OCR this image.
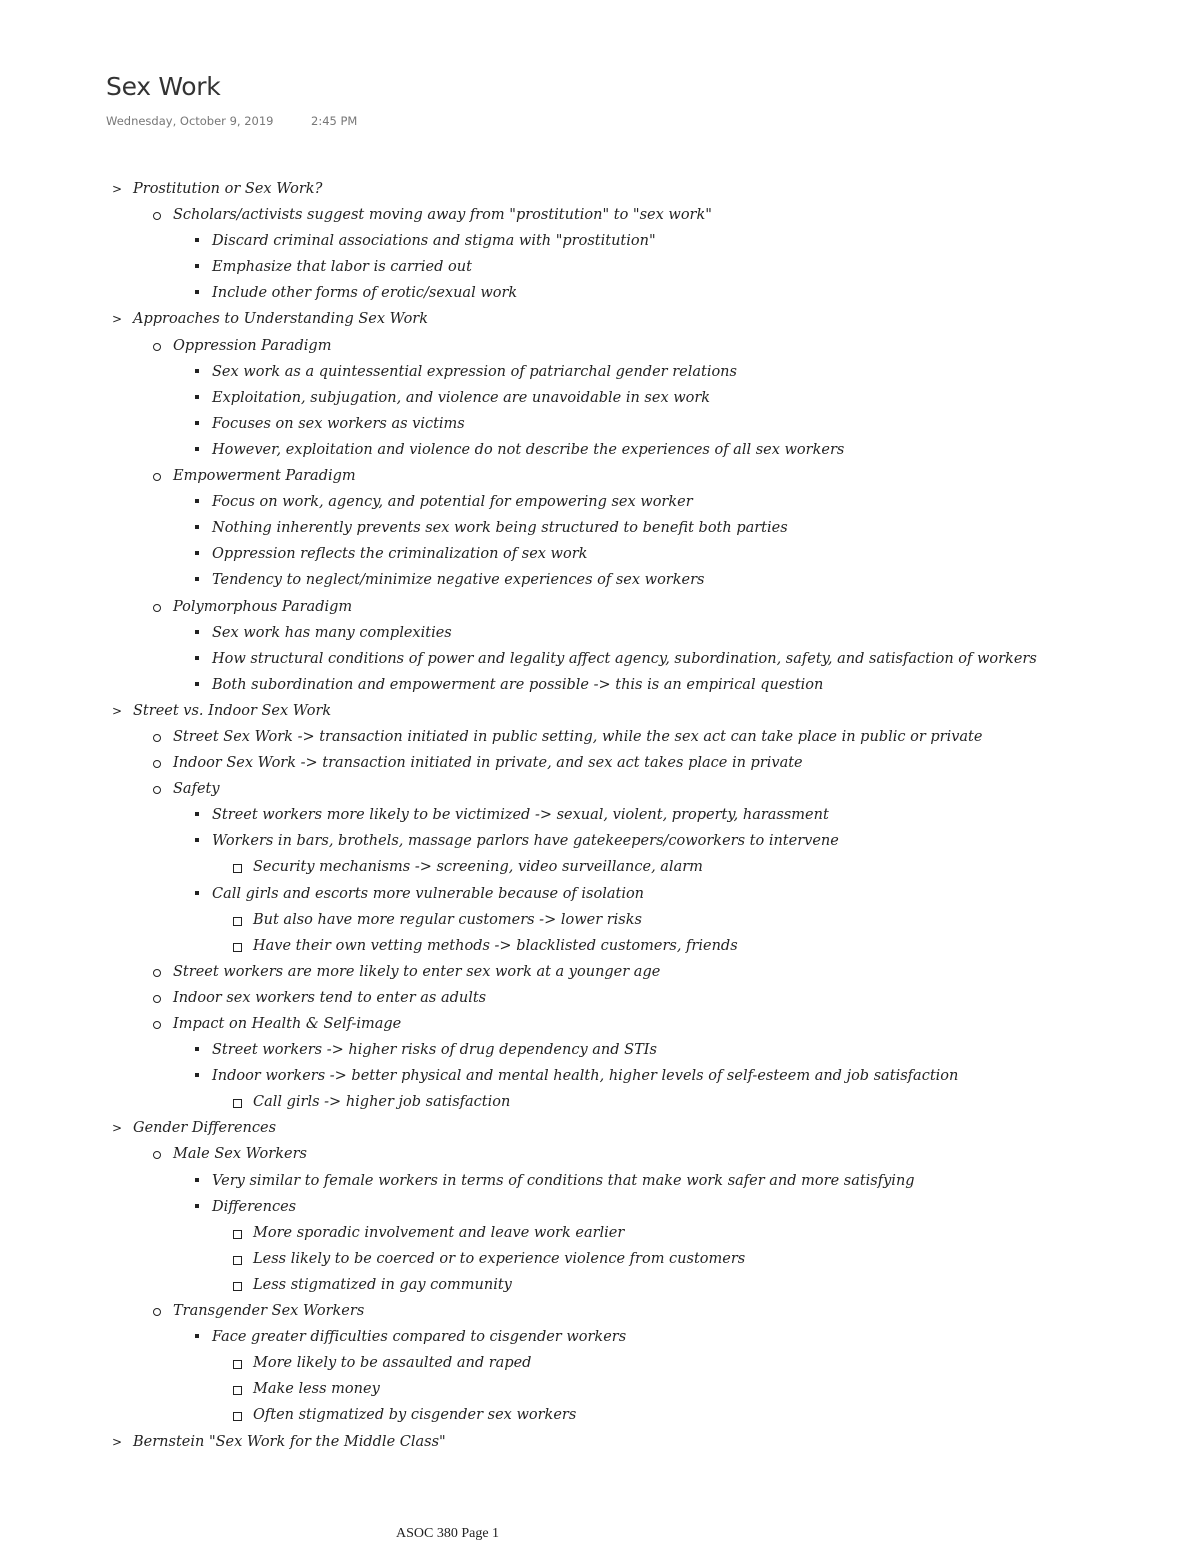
Sex Work
Wednesday, October 9, 2019	2:45 PM
> Prostitution or Sex Work?
Scholars/activists suggest moving away from "prostitution" to "sex work"
Discard criminal associations and stigma with "prostitution"
Emphasize that labor is carried out
Include other forms of erotic/sexual work
> Approaches to Understanding Sex Work
Oppression Paradigm
Sex work as a quintessential expression of patriarchal gender relations
Exploitation, subjugation, and violence are unavoidable in sex work
Focuses on sex workers as victims
However, exploitation and violence do not describe the experiences of all sex workers
Empowerment Paradigm
Focus on work, agency, and potential for empowering sex worker
Nothing inherently prevents sex work being structured to benefit both parties
Oppression reflects the criminalization of sex work
Tendency to neglect/minimize negative experiences of sex workers
Polymorphous Paradigm
Sex work has many complexities
How structural conditions of power and legality affect agency, subordination, safety, and satisfaction of workers
Both subordination and empowerment are possible -> this is an empirical question
> Street vs. Indoor Sex Work
Street Sex Work -> transaction initiated in public setting, while the sex act can take place in public or private
Indoor Sex Work -> transaction initiated in private, and sex act takes place in private
Safety
Street workers more likely to be victimized -> sexual, violent, property, harassment
Workers in bars, brothels, massage parlors have gatekeepers/coworkers to intervene
Security mechanisms -> screening, video surveillance, alarm
Call girls and escorts more vulnerable because of isolation
But also have more regular customers -> lower risks
Have their own vetting methods -> blacklisted customers, friends
Street workers are more likely to enter sex work at a younger age
Indoor sex workers tend to enter as adults
Impact on Health & Self-image
Street workers -> higher risks of drug dependency and STIs
Indoor workers -> better physical and mental health, higher levels of self-esteem and job satisfaction
Call girls -> higher job satisfaction
> Gender Differences
Male Sex Workers
Very similar to female workers in terms of conditions that make work safer and more satisfying
Differences
More sporadic involvement and leave work earlier
Less likely to be coerced or to experience violence from customers
Less stigmatized in gay community
Transgender Sex Workers
Face greater difficulties compared to cisgender workers
More likely to be assaulted and raped
Make less money
Often stigmatized by cisgender sex workers
> Bernstein "Sex Work for the Middle Class"
ASOC 380 Page 1
